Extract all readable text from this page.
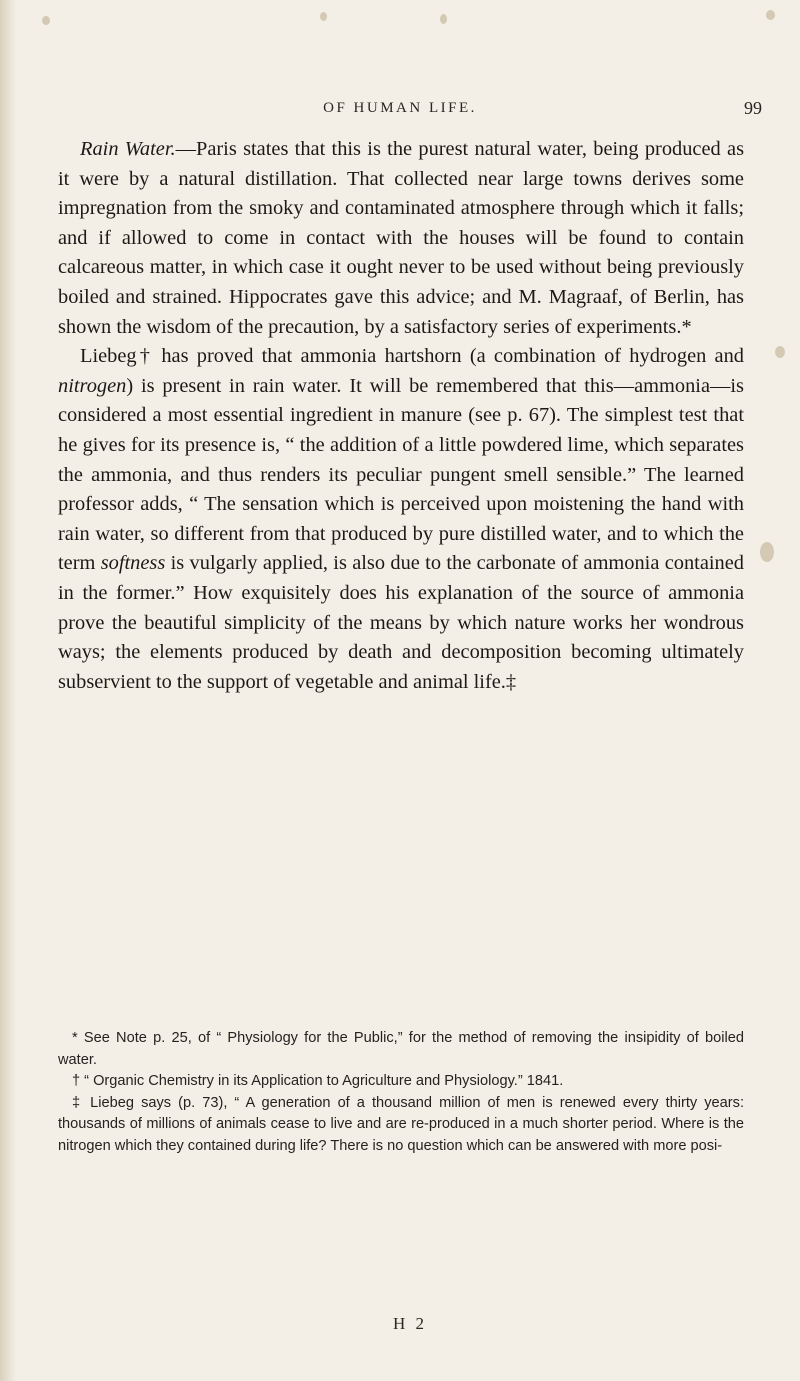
OF HUMAN LIFE.	99

Rain Water.—Paris states that this is the purest natural water, being produced as it were by a natural distillation. That collected near large towns derives some impregnation from the smoky and contaminated atmosphere through which it falls; and if allowed to come in contact with the houses will be found to contain calcareous matter, in which case it ought never to be used without being previously boiled and strained. Hippocrates gave this advice; and M. Magraaf, of Berlin, has shown the wisdom of the precaution, by a satisfactory series of experiments.*

Liebeg† has proved that ammonia hartshorn (a combination of hydrogen and nitrogen) is present in rain water. It will be remembered that this—ammonia—is considered a most essential ingredient in manure (see p. 67). The simplest test that he gives for its presence is, “ the addition of a little powdered lime, which separates the ammonia, and thus renders its peculiar pungent smell sensible.” The learned professor adds, “ The sensation which is perceived upon moistening the hand with rain water, so different from that produced by pure distilled water, and to which the term softness is vulgarly applied, is also due to the carbonate of ammonia contained in the former.” How exquisitely does his explanation of the source of ammonia prove the beautiful simplicity of the means by which nature works her wondrous ways; the elements produced by death and decomposition becoming ultimately subservient to the support of vegetable and animal life.‡

* See Note p. 25, of “ Physiology for the Public,” for the method of removing the insipidity of boiled water.

† “ Organic Chemistry in its Application to Agriculture and Physiology.” 1841.

‡ Liebeg says (p. 73), “ A generation of a thousand million of men is renewed every thirty years: thousands of millions of animals cease to live and are re-produced in a much shorter period. Where is the nitrogen which they contained during life? There is no question which can be answered with more posi-

H 2
